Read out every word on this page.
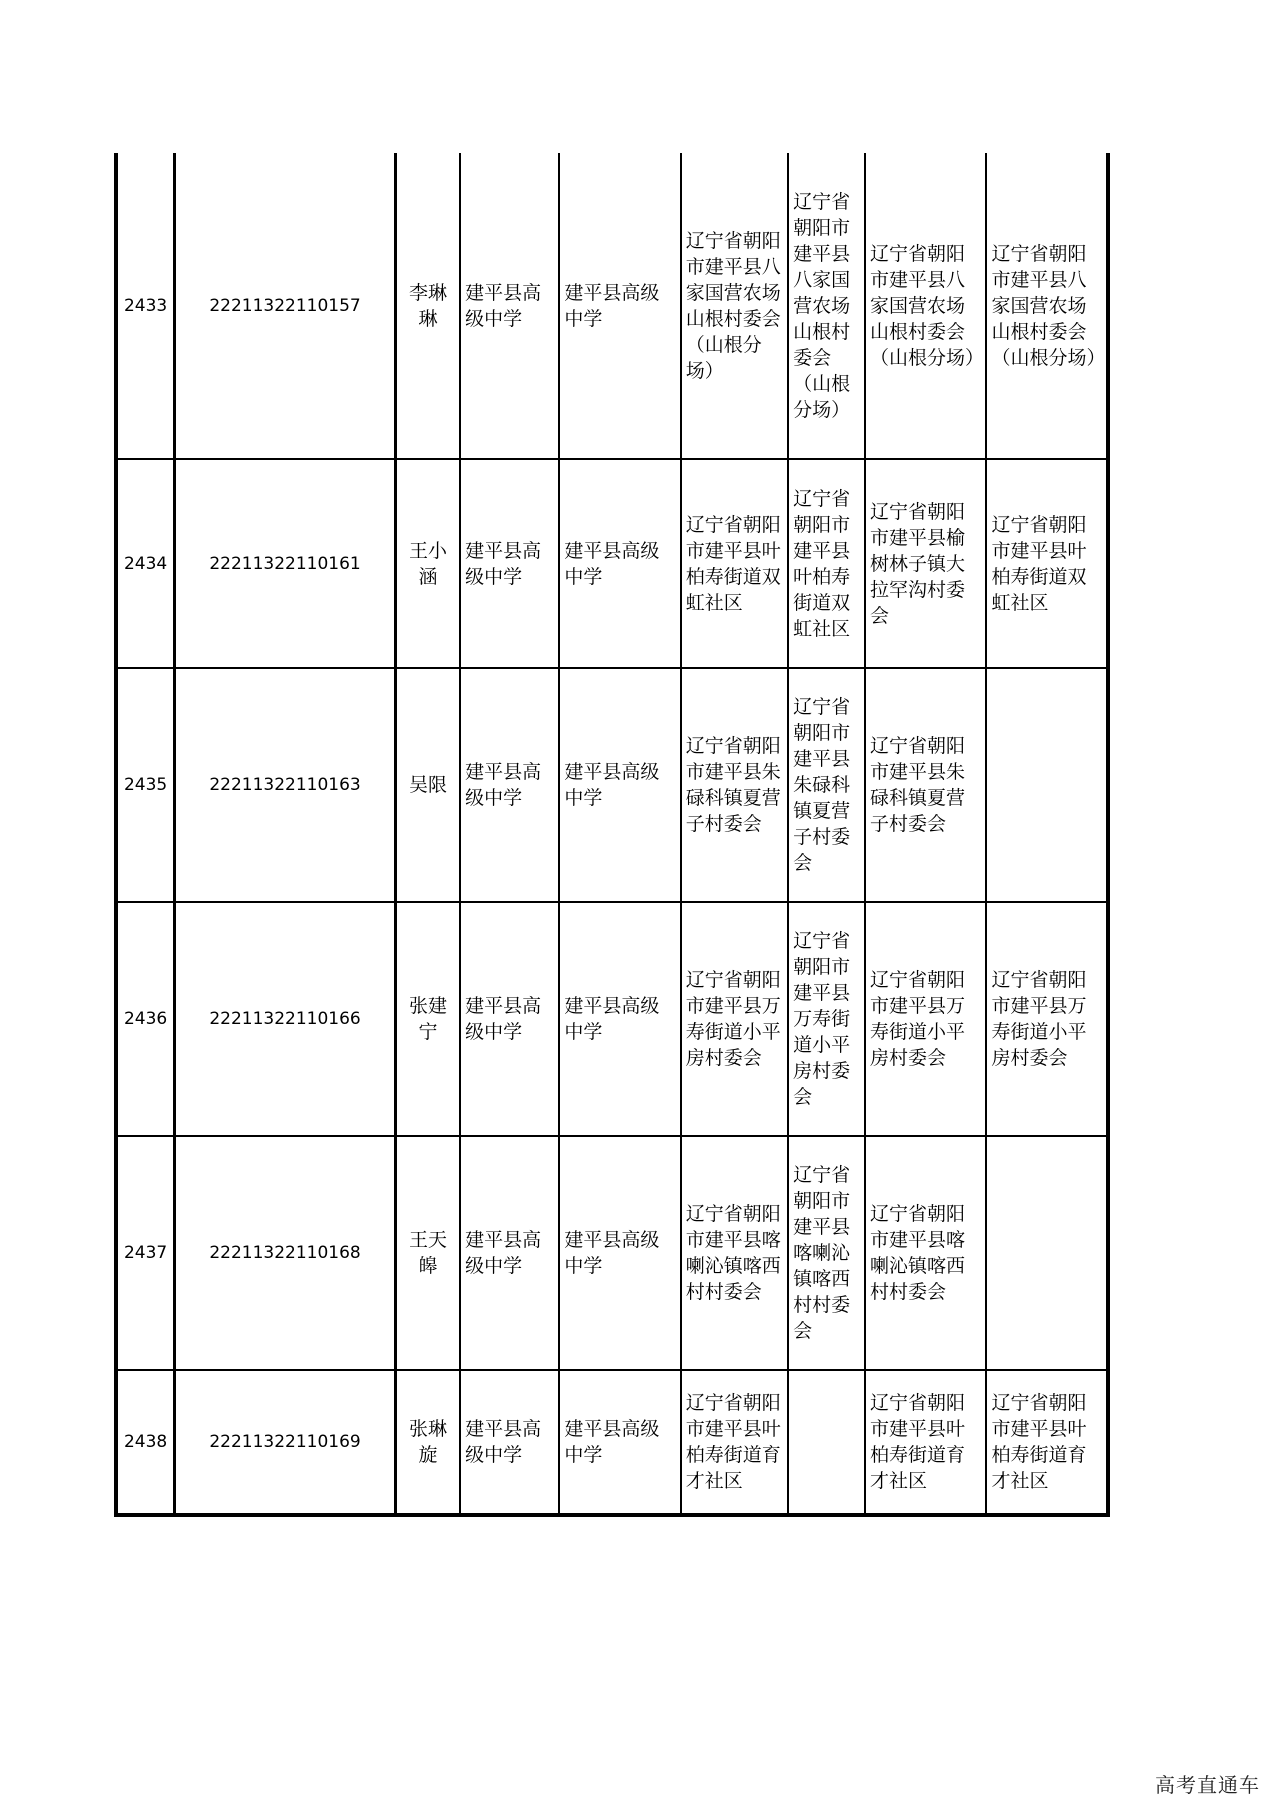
2433	22211322110157	李琳琳	建平县高级中学	建平县高级中学	辽宁省朝阳市建平县八家国营农场山根村委会（山根分场）	辽宁省朝阳市建平县八家国营农场山根村委会（山根分场）	辽宁省朝阳市建平县八家国营农场山根村委会（山根分场）	辽宁省朝阳市建平县八家国营农场山根村委会（山根分场）
2434	22211322110161	王小涵	建平县高级中学	建平县高级中学	辽宁省朝阳市建平县叶柏寿街道双虹社区	辽宁省朝阳市建平县叶柏寿街道双虹社区	辽宁省朝阳市建平县榆树林子镇大拉罕沟村委会	辽宁省朝阳市建平县叶柏寿街道双虹社区
2435	22211322110163	吴限	建平县高级中学	建平县高级中学	辽宁省朝阳市建平县朱碌科镇夏营子村委会	辽宁省朝阳市建平县朱碌科镇夏营子村委会	辽宁省朝阳市建平县朱碌科镇夏营子村委会	
2436	22211322110166	张建宁	建平县高级中学	建平县高级中学	辽宁省朝阳市建平县万寿街道小平房村委会	辽宁省朝阳市建平县万寿街道小平房村委会	辽宁省朝阳市建平县万寿街道小平房村委会	辽宁省朝阳市建平县万寿街道小平房村委会
2437	22211322110168	王天皞	建平县高级中学	建平县高级中学	辽宁省朝阳市建平县喀喇沁镇喀西村村委会	辽宁省朝阳市建平县喀喇沁镇喀西村村委会	辽宁省朝阳市建平县喀喇沁镇喀西村村委会	
2438	22211322110169	张琳旋	建平县高级中学	建平县高级中学	辽宁省朝阳市建平县叶柏寿街道育才社区		辽宁省朝阳市建平县叶柏寿街道育才社区	辽宁省朝阳市建平县叶柏寿街道育才社区
高考直通车
